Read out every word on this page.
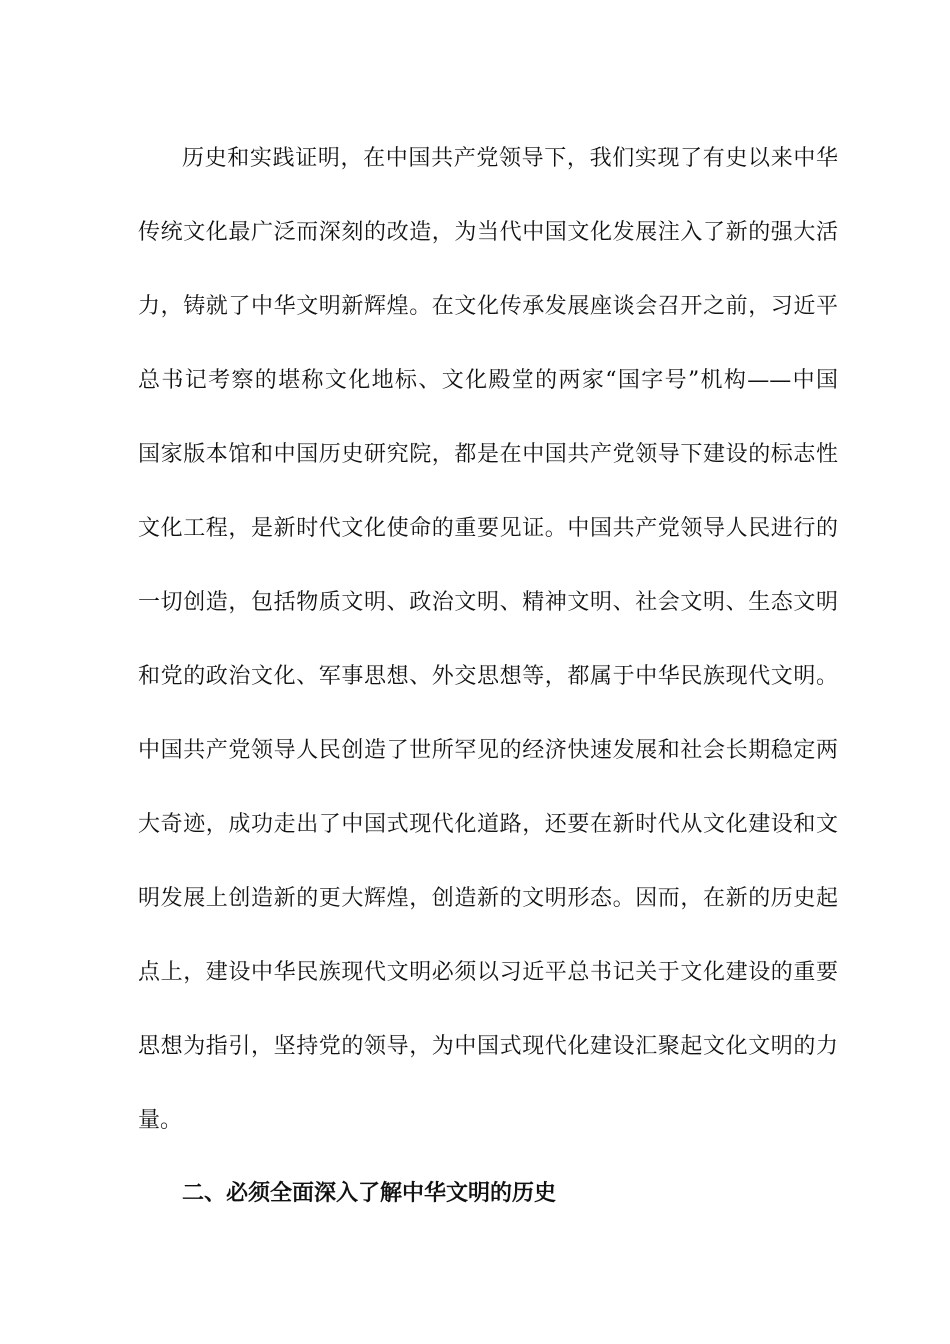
历史和实践证明，在中国共产党领导下，我们实现了有史以来中华
传统文化最广泛而深刻的改造，为当代中国文化发展注入了新的强大活
力，铸就了中华文明新辉煌。在文化传承发展座谈会召开之前，习近平
总书记考察的堪称文化地标、文化殿堂的两家“国字号”机构——中国
国家版本馆和中国历史研究院，都是在中国共产党领导下建设的标志性
文化工程，是新时代文化使命的重要见证。中国共产党领导人民进行的
一切创造，包括物质文明、政治文明、精神文明、社会文明、生态文明
和党的政治文化、军事思想、外交思想等，都属于中华民族现代文明。
中国共产党领导人民创造了世所罕见的经济快速发展和社会长期稳定两
大奇迹，成功走出了中国式现代化道路，还要在新时代从文化建设和文
明发展上创造新的更大辉煌，创造新的文明形态。因而，在新的历史起
点上，建设中华民族现代文明必须以习近平总书记关于文化建设的重要
思想为指引，坚持党的领导，为中国式现代化建设汇聚起文化文明的力
量。
二、必须全面深入了解中华文明的历史
